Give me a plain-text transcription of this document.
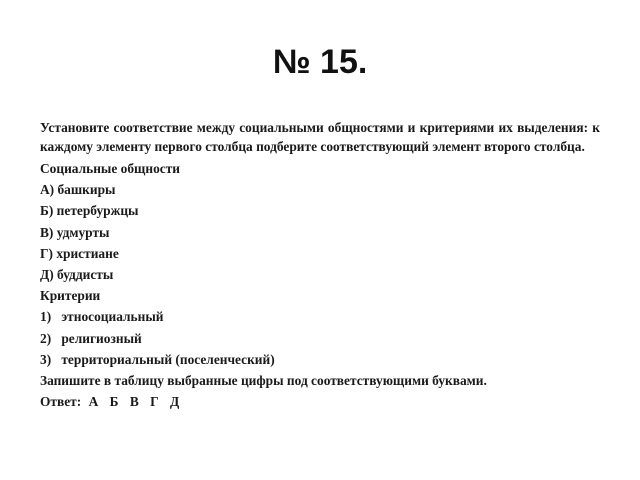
№ 15.
Установите соответствие между социальными общностями и критериями их выделения: к каждому элементу первого столбца подберите соответствующий элемент второго столбца.
Социальные общности
А) башкиры
Б) петербуржцы
В) удмурты
Г) христиане
Д) буддисты
Критерии
1) этносоциальный
2) религиозный
3) территориальный (поселенческий)
Запишите в таблицу выбранные цифры под соответствующими буквами.
Ответ: А Б В Г Д
